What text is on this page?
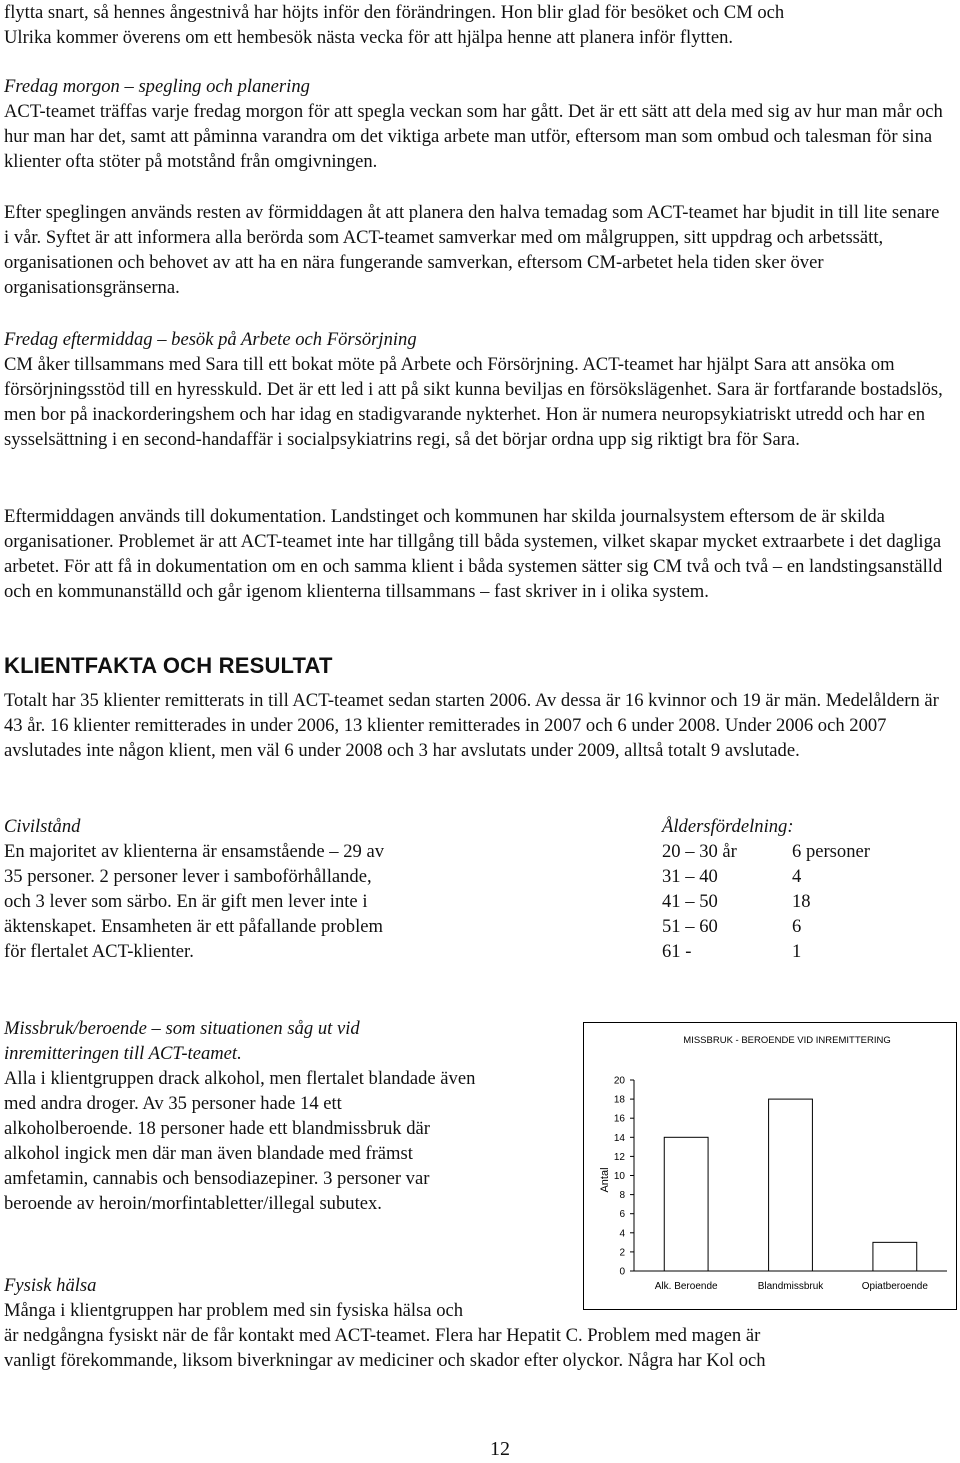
flytta snart, så hennes ångestnivå har höjts inför den förändringen. Hon blir glad för besöket och CM och
Ulrika kommer överens om ett hembesök nästa vecka för att hjälpa henne att planera inför flytten.

Fredag morgon – spegling och planering

ACT-teamet träffas varje fredag morgon för att spegla veckan som har gått. Det är ett sätt att dela med sig av hur man mår och hur man har det, samt att påminna varandra om det viktiga arbete man utför, eftersom man som ombud och talesman för sina klienter ofta stöter på motstånd från omgivningen.

Efter speglingen används resten av förmiddagen åt att planera den halva temadag som ACT-teamet har bjudit in till lite senare i vår. Syftet är att informera alla berörda som ACT-teamet samverkar med om målgruppen, sitt uppdrag och arbetssätt, organisationen och behovet av att ha en nära fungerande samverkan, eftersom CM-arbetet hela tiden sker över organisationsgränserna.

Fredag eftermiddag – besök på Arbete och Försörjning

CM åker tillsammans med Sara till ett bokat möte på Arbete och Försörjning. ACT-teamet har hjälpt Sara att ansöka om försörjningsstöd till en hyresskuld. Det är ett led i att på sikt kunna beviljas en försökslägenhet. Sara är fortfarande bostadslös, men bor på inackorderingshem och har idag en stadigvarande nykterhet. Hon är numera neuropsykiatriskt utredd och har en sysselsättning i en second-handaffär i socialpsykiatrins regi, så det börjar ordna upp sig riktigt bra för Sara.

Eftermiddagen används till dokumentation. Landstinget och kommunen har skilda journalsystem eftersom de är skilda organisationer. Problemet är att ACT-teamet inte har tillgång till båda systemen, vilket skapar mycket extraarbete i det dagliga arbetet. För att få in dokumentation om en och samma klient i båda systemen sätter sig CM två och två – en landstingsanställd och en kommunanställd och går igenom klienterna tillsammans – fast skriver in i olika system.

KLIENTFAKTA OCH RESULTAT

Totalt har 35 klienter remitterats in till ACT-teamet sedan starten 2006. Av dessa är 16 kvinnor och 19 är män. Medelåldern är 43 år. 16 klienter remitterades in under 2006, 13 klienter remitterades in 2007 och 6 under 2008. Under 2006 och 2007 avslutades inte någon klient, men väl 6 under 2008 och 3 har avslutats under 2009, alltså totalt 9 avslutade.

Civilstånd

En majoritet av klienterna är ensamstående – 29 av
35 personer. 2 personer lever i samboförhållande,
och 3 lever som särbo. En är gift men lever inte i
äktenskapet. Ensamheten är ett påfallande problem
för flertalet ACT-klienter.

Åldersfördelning:
20 – 30 år	6 personer
31 – 40	4
41 – 50	18
51 – 60	6
61 -	1

Missbruk/beroende – som situationen såg ut vid
inremitteringen till ACT-teamet.

Alla i klientgruppen drack alkohol, men flertalet blandade även
med andra droger. Av 35 personer hade 14 ett
alkoholberoende. 18 personer hade ett blandmissbruk där
alkohol ingick men där man även blandade med främst
amfetamin, cannabis och bensodiazepiner. 3 personer var
beroende av heroin/morfintabletter/illegal subutex.

MISSBRUK - BEROENDE VID INREMITTERING
Antal
0
2
4
6
8
10
12
14
16
18
20
Alk. Beroende	Blandmissbruk	Opiatberoende

Fysisk hälsa

Många i klientgruppen har problem med sin fysiska hälsa och

är nedgångna fysiskt när de får kontakt med ACT-teamet. Flera har Hepatit C. Problem med magen är
vanligt förekommande, liksom biverkningar av mediciner och skador efter olyckor. Några har Kol och

12
